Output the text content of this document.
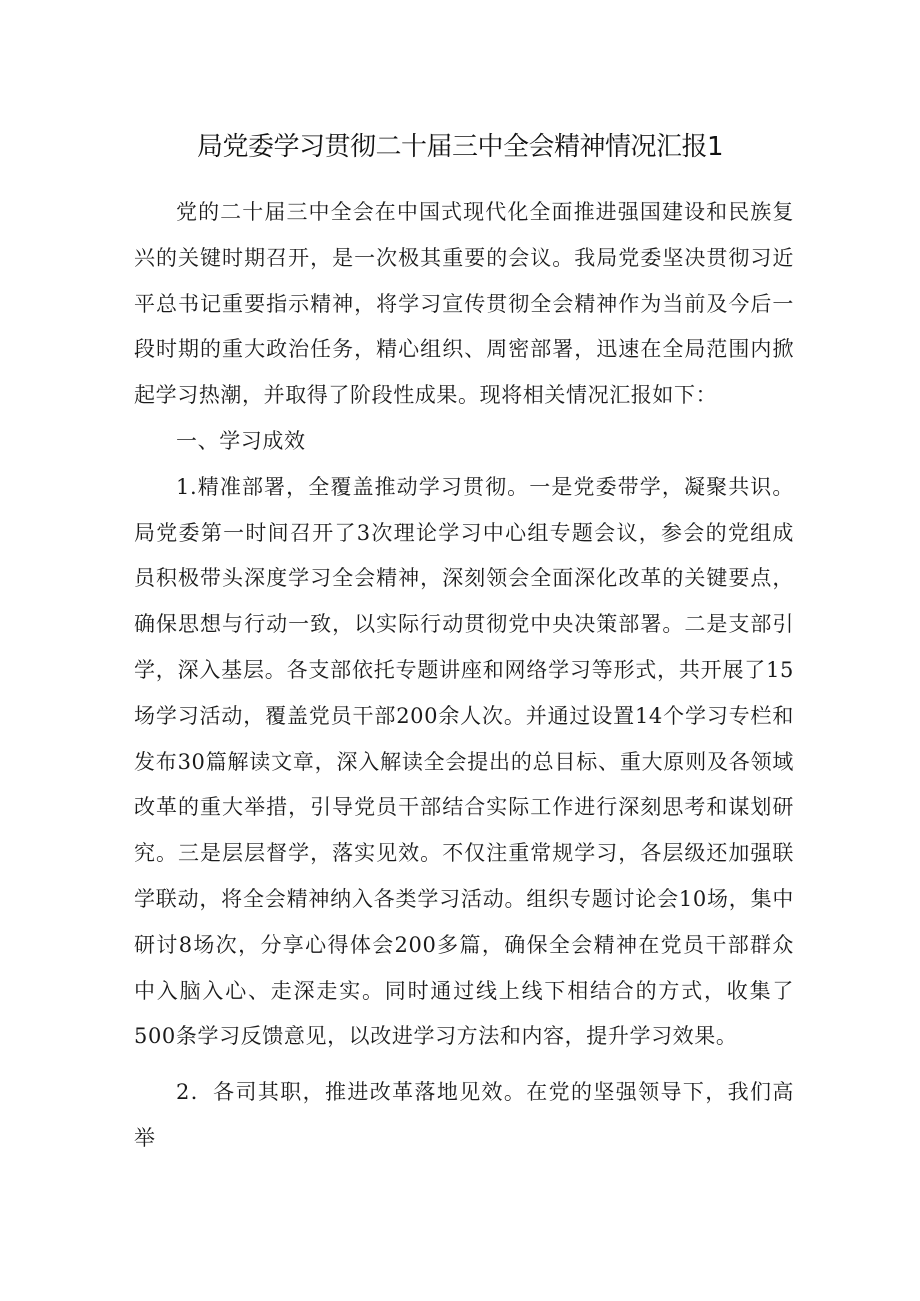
局党委学习贯彻二十届三中全会精神情况汇报1

党的二十届三中全会在中国式现代化全面推进强国建设和民族复兴的关键时期召开，是一次极其重要的会议。我局党委坚决贯彻习近平总书记重要指示精神，将学习宣传贯彻全会精神作为当前及今后一段时期的重大政治任务，精心组织、周密部署，迅速在全局范围内掀起学习热潮，并取得了阶段性成果。现将相关情况汇报如下：

一、学习成效

1.精准部署，全覆盖推动学习贯彻。一是党委带学，凝聚共识。局党委第一时间召开了3次理论学习中心组专题会议，参会的党组成员积极带头深度学习全会精神，深刻领会全面深化改革的关键要点，确保思想与行动一致，以实际行动贯彻党中央决策部署。二是支部引学，深入基层。各支部依托专题讲座和网络学习等形式，共开展了15场学习活动，覆盖党员干部200余人次。并通过设置14个学习专栏和发布30篇解读文章，深入解读全会提出的总目标、重大原则及各领域改革的重大举措，引导党员干部结合实际工作进行深刻思考和谋划研究。三是层层督学，落实见效。不仅注重常规学习，各层级还加强联学联动，将全会精神纳入各类学习活动。组织专题讨论会10场，集中研讨8场次，分享心得体会200多篇，确保全会精神在党员干部群众中入脑入心、走深走实。同时通过线上线下相结合的方式，收集了500条学习反馈意见，以改进学习方法和内容，提升学习效果。

2．各司其职，推进改革落地见效。在党的坚强领导下，我们高举
